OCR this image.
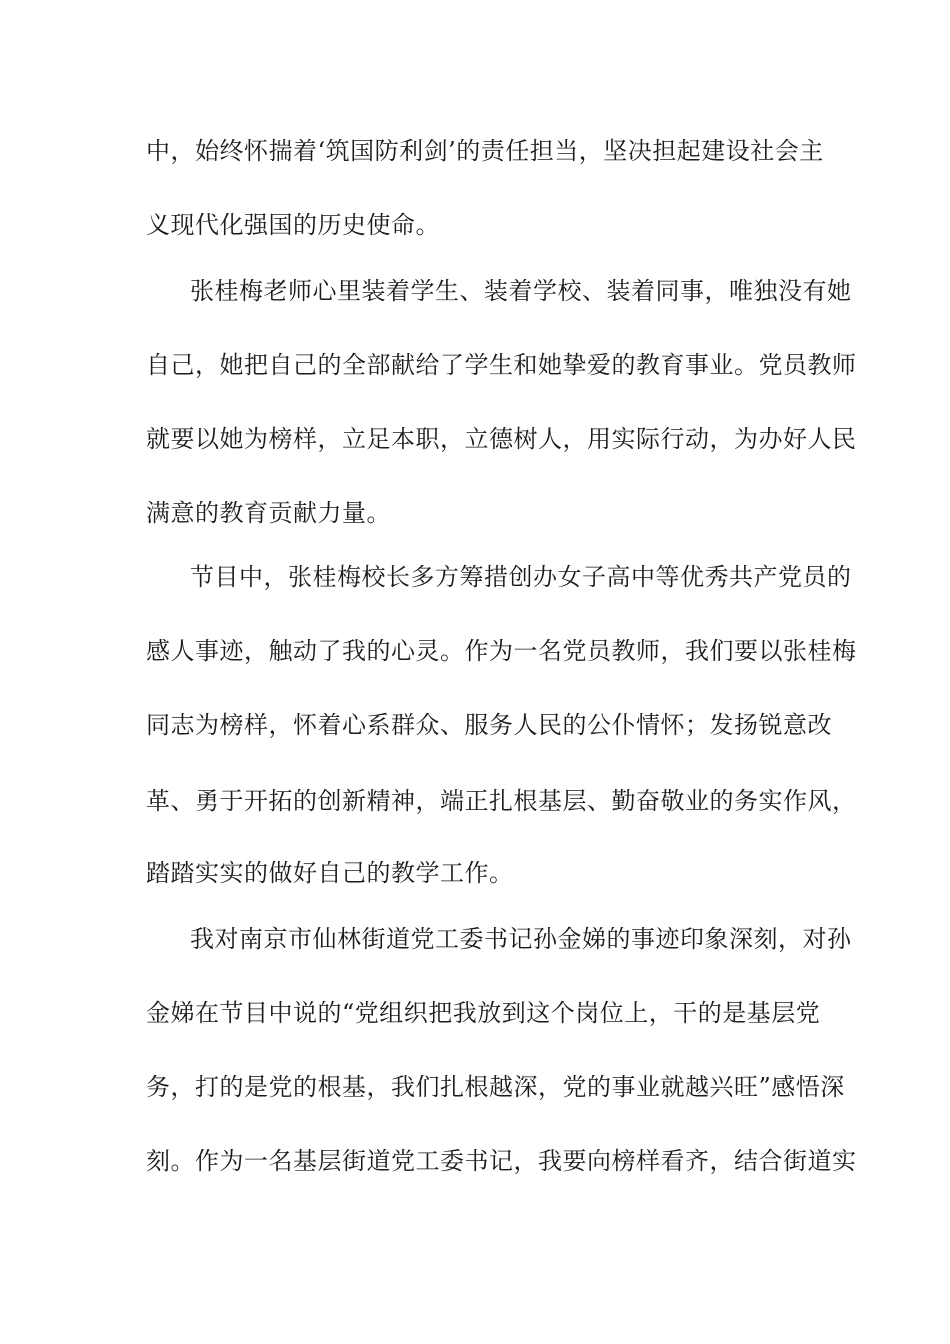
中，始终怀揣着‘筑国防利剑’的责任担当，坚决担起建设社会主
义现代化强国的历史使命。
张桂梅老师心里装着学生、装着学校、装着同事，唯独没有她
自己，她把自己的全部献给了学生和她挚爱的教育事业。党员教师
就要以她为榜样，立足本职，立德树人，用实际行动，为办好人民
满意的教育贡献力量。
节目中，张桂梅校长多方筹措创办女子高中等优秀共产党员的
感人事迹，触动了我的心灵。作为一名党员教师，我们要以张桂梅
同志为榜样，怀着心系群众、服务人民的公仆情怀；发扬锐意改
革、勇于开拓的创新精神，端正扎根基层、勤奋敬业的务实作风，
踏踏实实的做好自己的教学工作。
我对南京市仙林街道党工委书记孙金娣的事迹印象深刻，对孙
金娣在节目中说的“党组织把我放到这个岗位上，干的是基层党
务，打的是党的根基，我们扎根越深，党的事业就越兴旺”感悟深
刻。作为一名基层街道党工委书记，我要向榜样看齐，结合街道实
